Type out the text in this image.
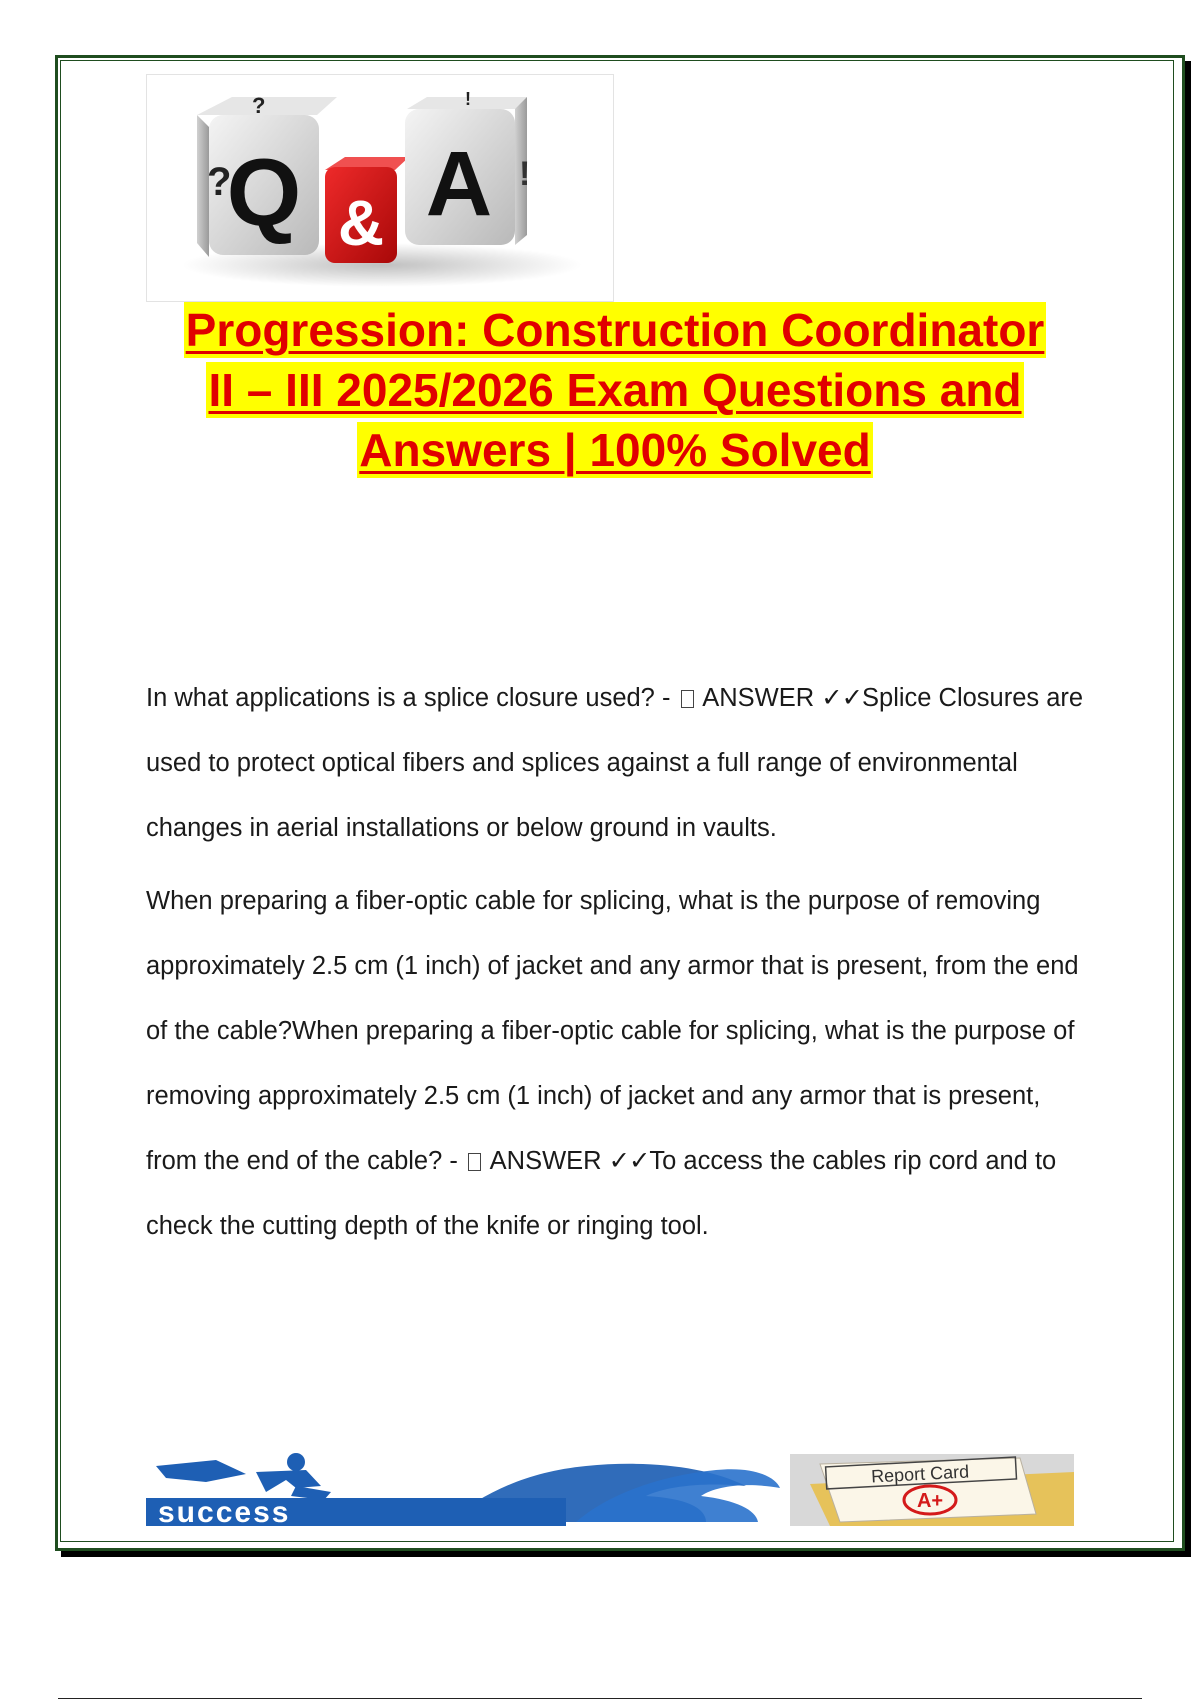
Q
?
?
& A !
!
Progression: Construction Coordinator
II – III 2025/2026 Exam Questions and
Answers | 100% Solved

In what applications is a splice closure used? - ANSWER ✓✓Splice Closures are used to protect optical fibers and splices against a full range of environmental changes in aerial installations or below ground in vaults.

When preparing a fiber-optic cable for splicing, what is the purpose of removing approximately 2.5 cm (1 inch) of jacket and any armor that is present, from the end of the cable?When preparing a fiber-optic cable for splicing, what is the purpose of removing approximately 2.5 cm (1 inch) of jacket and any armor that is present, from the end of the cable? - ANSWER ✓✓To access the cables rip cord and to check the cutting depth of the knife or ringing tool.

success
Report Card
A+
